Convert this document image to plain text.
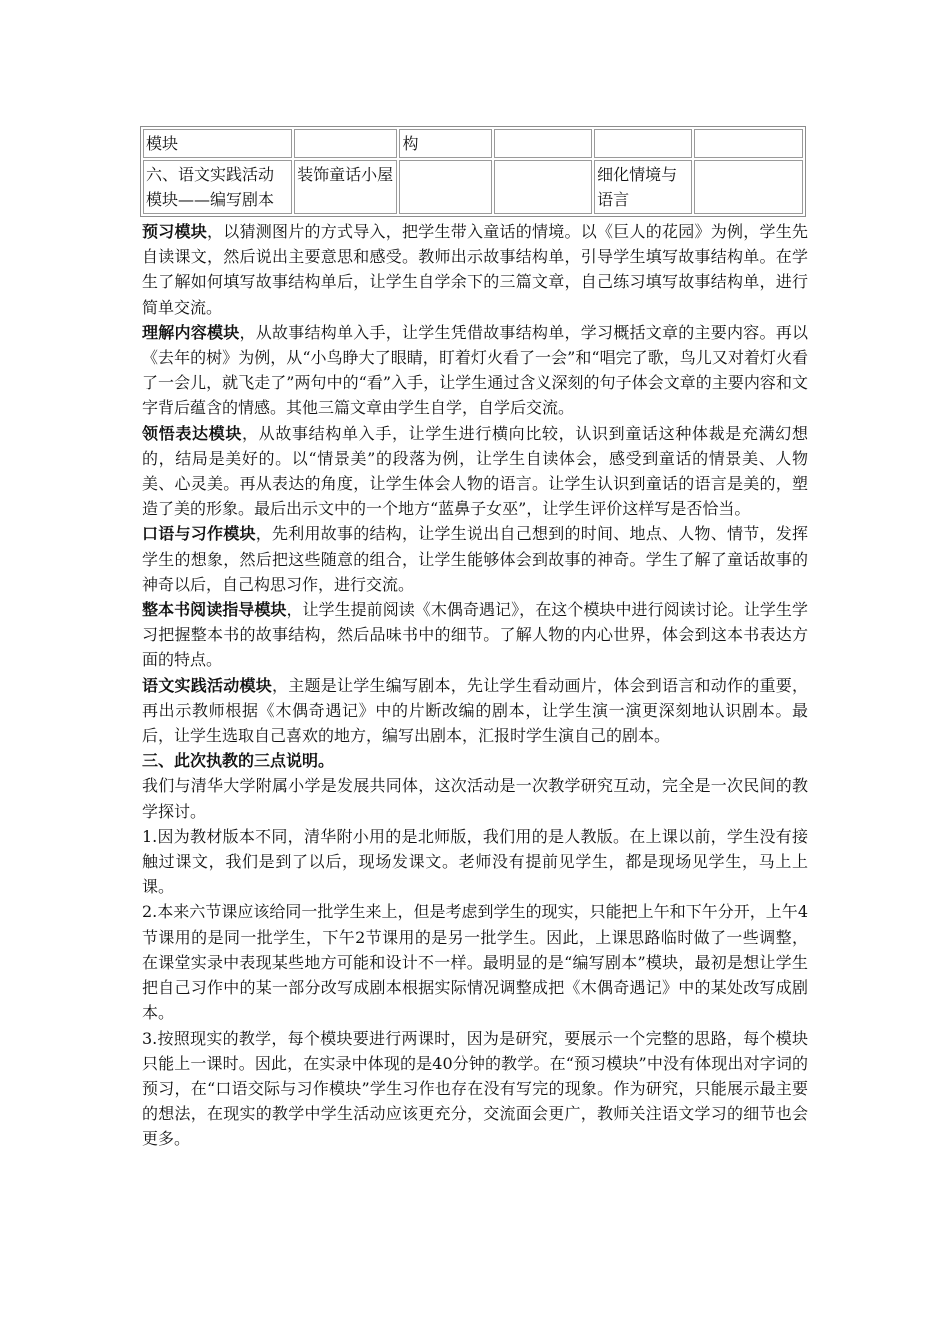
模块		构			
六、语文实践活动模块——编写剧本	装饰童话小屋			细化情境与语言	

预习模块，以猜测图片的方式导入，把学生带入童话的情境。以《巨人的花园》为例，学生先自读课文，然后说出主要意思和感受。教师出示故事结构单，引导学生填写故事结构单。在学生了解如何填写故事结构单后，让学生自学余下的三篇文章，自己练习填写故事结构单，进行简单交流。

理解内容模块，从故事结构单入手，让学生凭借故事结构单，学习概括文章的主要内容。再以《去年的树》为例，从“小鸟睁大了眼睛，盯着灯火看了一会”和“唱完了歌，鸟儿又对着灯火看了一会儿，就飞走了”两句中的“看”入手，让学生通过含义深刻的句子体会文章的主要内容和文字背后蕴含的情感。其他三篇文章由学生自学，自学后交流。

领悟表达模块，从故事结构单入手，让学生进行横向比较，认识到童话这种体裁是充满幻想的，结局是美好的。以“情景美”的段落为例，让学生自读体会，感受到童话的情景美、人物美、心灵美。再从表达的角度，让学生体会人物的语言。让学生认识到童话的语言是美的，塑造了美的形象。最后出示文中的一个地方“蓝鼻子女巫”，让学生评价这样写是否恰当。

口语与习作模块，先利用故事的结构，让学生说出自己想到的时间、地点、人物、情节，发挥学生的想象，然后把这些随意的组合，让学生能够体会到故事的神奇。学生了解了童话故事的神奇以后，自己构思习作，进行交流。

整本书阅读指导模块，让学生提前阅读《木偶奇遇记》，在这个模块中进行阅读讨论。让学生学习把握整本书的故事结构，然后品味书中的细节。了解人物的内心世界，体会到这本书表达方面的特点。

语文实践活动模块，主题是让学生编写剧本，先让学生看动画片，体会到语言和动作的重要，再出示教师根据《木偶奇遇记》中的片断改编的剧本，让学生演一演更深刻地认识剧本。最后，让学生选取自己喜欢的地方，编写出剧本，汇报时学生演自己的剧本。

三、此次执教的三点说明。

我们与清华大学附属小学是发展共同体，这次活动是一次教学研究互动，完全是一次民间的教学探讨。

1.因为教材版本不同，清华附小用的是北师版，我们用的是人教版。在上课以前，学生没有接触过课文，我们是到了以后，现场发课文。老师没有提前见学生，都是现场见学生，马上上课。

2.本来六节课应该给同一批学生来上，但是考虑到学生的现实，只能把上午和下午分开，上午4节课用的是同一批学生，下午2节课用的是另一批学生。因此，上课思路临时做了一些调整，在课堂实录中表现某些地方可能和设计不一样。最明显的是“编写剧本”模块，最初是想让学生把自己习作中的某一部分改写成剧本根据实际情况调整成把《木偶奇遇记》中的某处改写成剧本。

3.按照现实的教学，每个模块要进行两课时，因为是研究，要展示一个完整的思路，每个模块只能上一课时。因此，在实录中体现的是40分钟的教学。在“预习模块”中没有体现出对字词的预习，在“口语交际与习作模块”学生习作也存在没有写完的现象。作为研究，只能展示最主要的想法，在现实的教学中学生活动应该更充分，交流面会更广，教师关注语文学习的细节也会更多。
